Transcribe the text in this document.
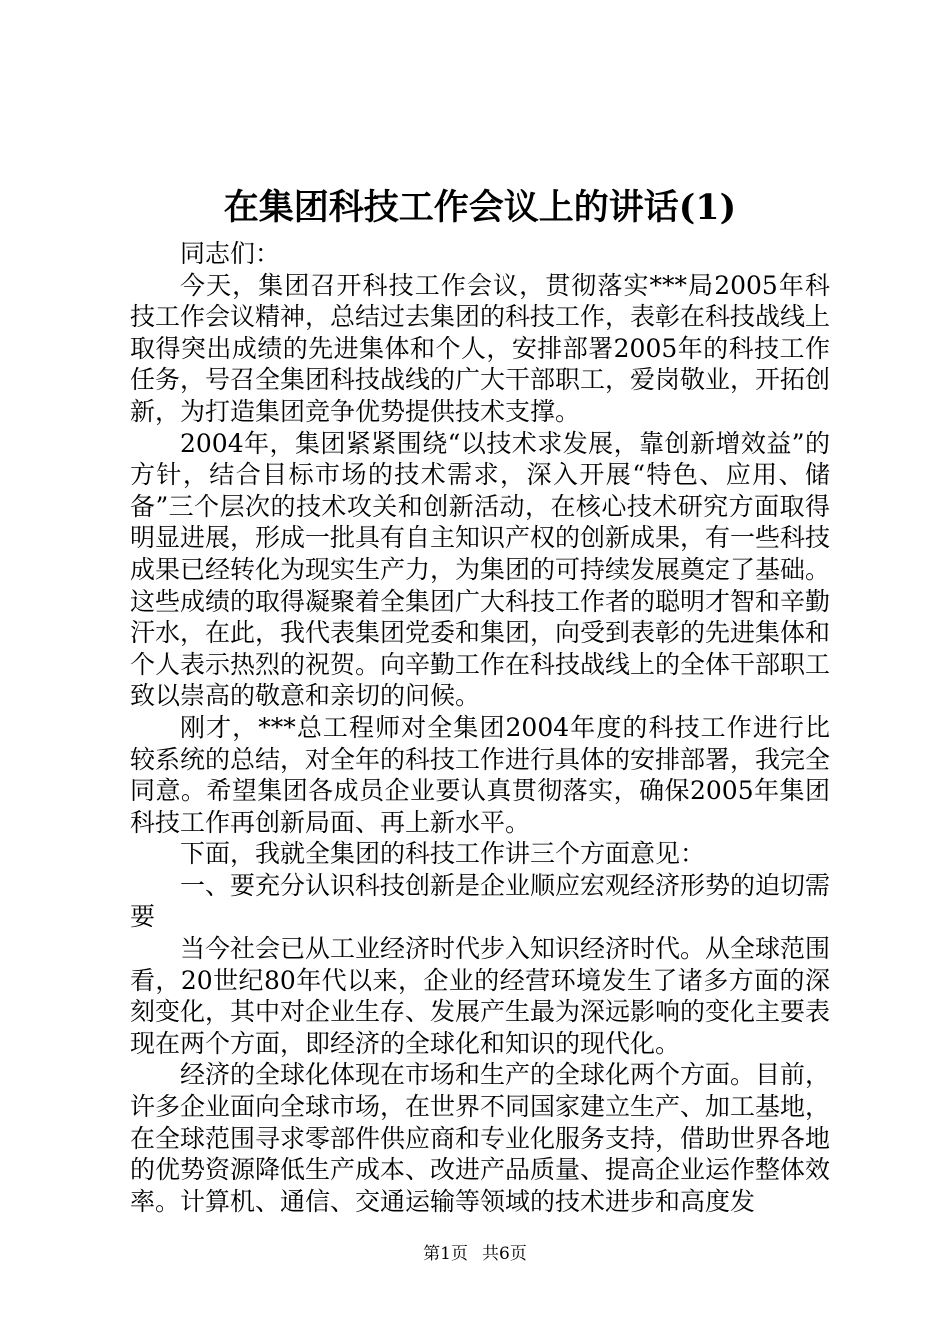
在集团科技工作会议上的讲话(1)

同志们：

今天，集团召开科技工作会议，贯彻落实***局2005年科技工作会议精神，总结过去集团的科技工作，表彰在科技战线上取得突出成绩的先进集体和个人，安排部署2005年的科技工作任务，号召全集团科技战线的广大干部职工，爱岗敬业，开拓创新，为打造集团竞争优势提供技术支撑。

2004年，集团紧紧围绕“以技术求发展，靠创新增效益”的方针，结合目标市场的技术需求，深入开展“特色、应用、储备”三个层次的技术攻关和创新活动，在核心技术研究方面取得明显进展，形成一批具有自主知识产权的创新成果，有一些科技成果已经转化为现实生产力，为集团的可持续发展奠定了基础。这些成绩的取得凝聚着全集团广大科技工作者的聪明才智和辛勤汗水，在此，我代表集团党委和集团，向受到表彰的先进集体和个人表示热烈的祝贺。向辛勤工作在科技战线上的全体干部职工致以崇高的敬意和亲切的问候。

刚才，***总工程师对全集团2004年度的科技工作进行比较系统的总结，对全年的科技工作进行具体的安排部署，我完全同意。希望集团各成员企业要认真贯彻落实，确保2005年集团科技工作再创新局面、再上新水平。

下面，我就全集团的科技工作讲三个方面意见：

一、要充分认识科技创新是企业顺应宏观经济形势的迫切需要

当今社会已从工业经济时代步入知识经济时代。从全球范围看，20世纪80年代以来，企业的经营环境发生了诸多方面的深刻变化，其中对企业生存、发展产生最为深远影响的变化主要表现在两个方面，即经济的全球化和知识的现代化。

经济的全球化体现在市场和生产的全球化两个方面。目前，许多企业面向全球市场，在世界不同国家建立生产、加工基地，在全球范围寻求零部件供应商和专业化服务支持，借助世界各地的优势资源降低生产成本、改进产品质量、提高企业运作整体效率。计算机、通信、交通运输等领域的技术进步和高度发

第1页 共6页
